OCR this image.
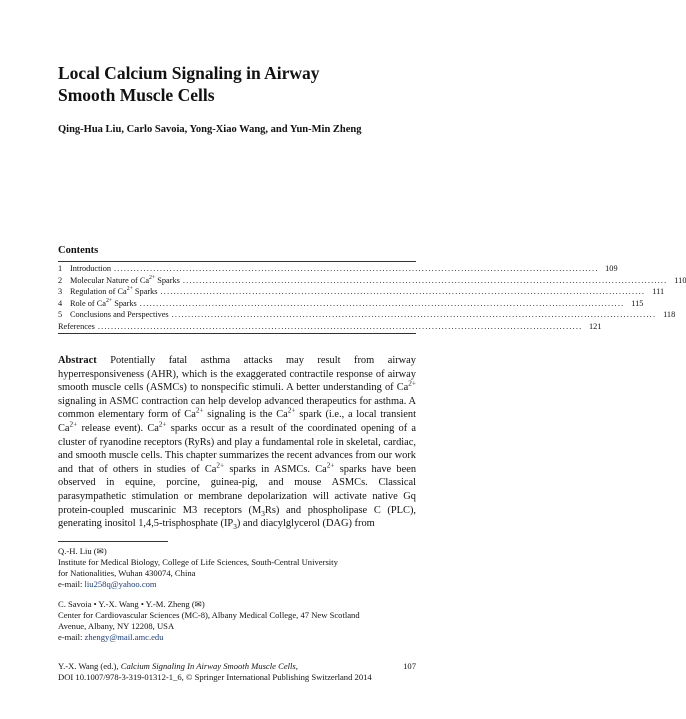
Local Calcium Signaling in Airway
Smooth Muscle Cells
Qing-Hua Liu, Carlo Savoia, Yong-Xiao Wang, and Yun-Min Zheng
Contents
1 Introduction .................................................................................................................................................... 109
2 Molecular Nature of $Ca^{2+}$ Sparks .................................................................................................................................................... 110
3 Regulation of $Ca^{2+}$ Sparks .................................................................................................................................................... 111
4 Role of $Ca^{2+}$ Sparks .................................................................................................................................................... 115
5 Conclusions and Perspectives .................................................................................................................................................... 118
References .................................................................................................................................................... 121

Abstract Potentially fatal asthma attacks may result from airway hyperresponsiveness (AHR), which is the exaggerated contractile response of airway smooth muscle cells (ASMCs) to nonspecific stimuli. A better understanding of $Ca^{2+}$ signaling in ASMC contraction can help develop advanced therapeutics for asthma. A common elementary form of $Ca^{2+}$ signaling is the $Ca^{2+}$ spark (i.e., a local transient $Ca^{2+}$ release event). $Ca^{2+}$ sparks occur as a result of the coordinated opening of a cluster of ryanodine receptors (RyRs) and play a fundamental role in skeletal, cardiac, and smooth muscle cells. This chapter summarizes the recent advances from our work and that of others in studies of $Ca^{2+}$ sparks in ASMCs. $Ca^{2+}$ sparks have been observed in equine, porcine, guinea-pig, and mouse ASMCs. Classical parasympathetic stimulation or membrane depolarization will activate native Gq protein-coupled muscarinic M3 receptors $(M_3Rs)$ and phospholipase C (PLC), generating inositol 1,4,5-trisphosphate $(IP_3)$ and diacylglycerol (DAG) from

Q.-H. Liu (✉)
Institute for Medical Biology, College of Life Sciences, South-Central University
for Nationalities, Wuhan 430074, China
e-mail: liu258q@yahoo.com
C. Savoia • Y.-X. Wang • Y.-M. Zheng (✉)
Center for Cardiovascular Sciences (MC-8), Albany Medical College, 47 New Scotland
Avenue, Albany, NY 12208, USA
e-mail: zhengy@mail.amc.edu
Y.-X. Wang (ed.), Calcium Signaling In Airway Smooth Muscle Cells,	107
DOI 10.1007/978-3-319-01312-1_6, © Springer International Publishing Switzerland 2014
